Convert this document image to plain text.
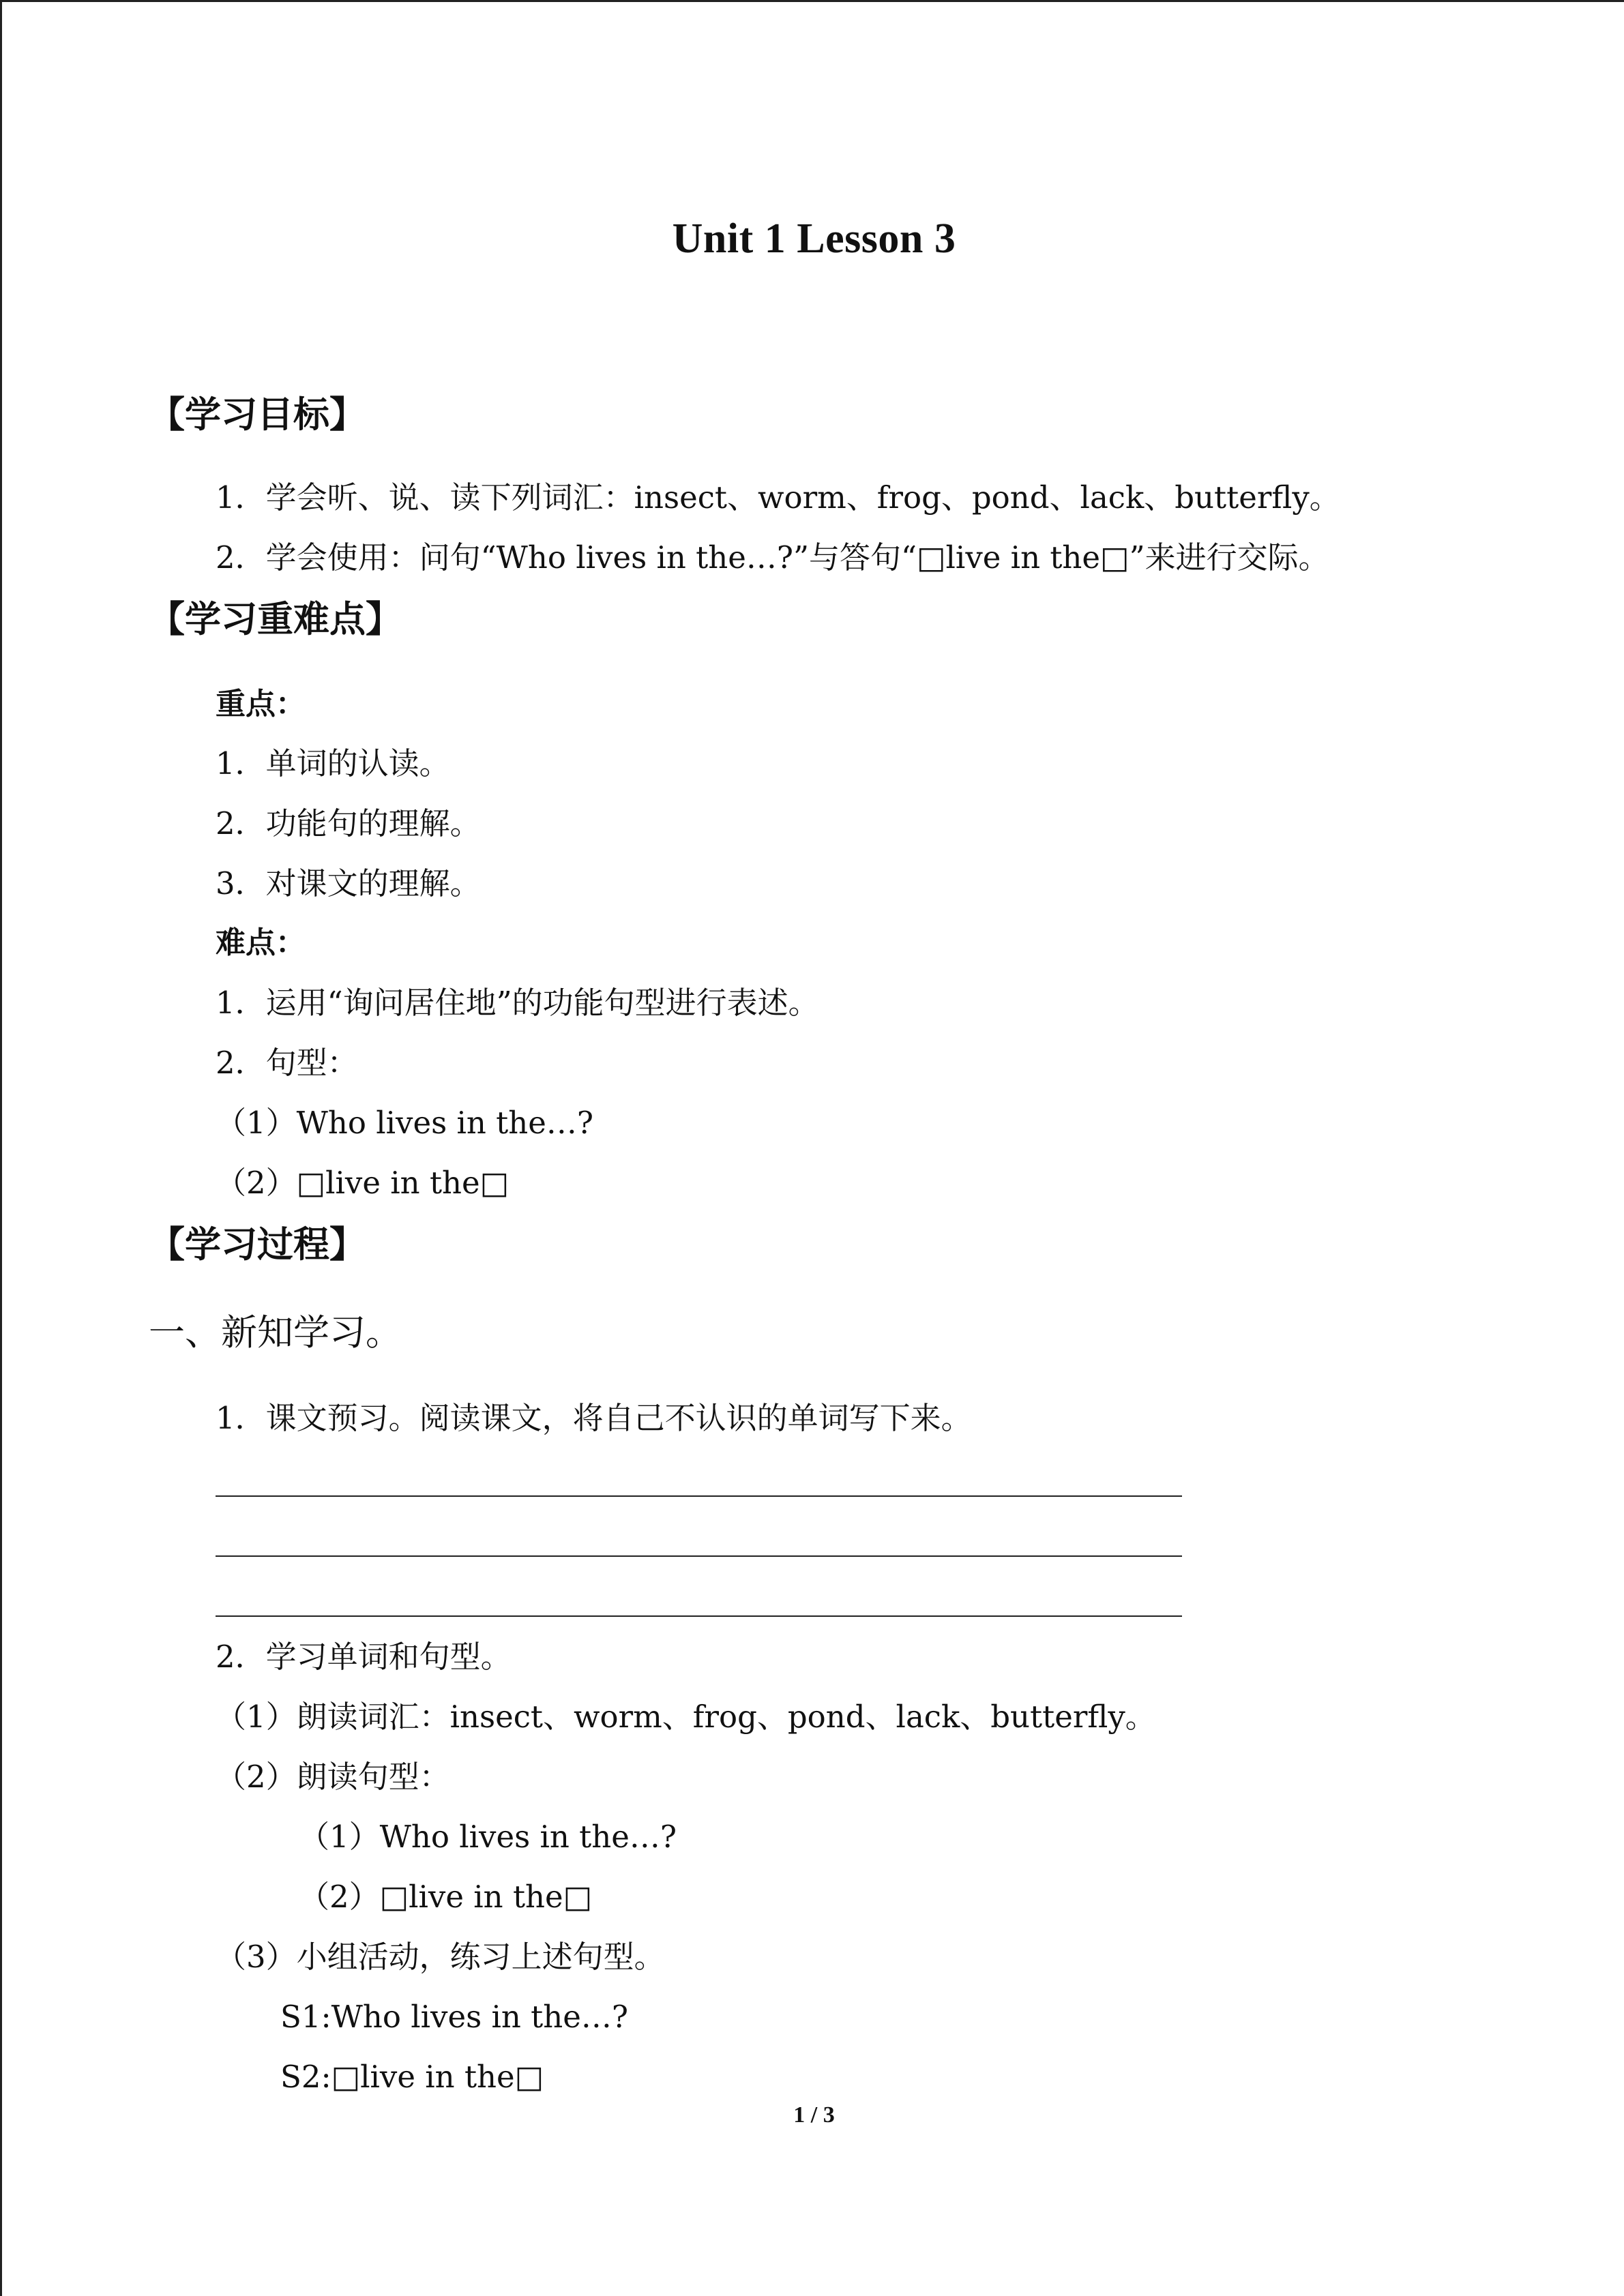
Unit 1 Lesson 3
【学习目标】
1．学会听、说、读下列词汇：insect、worm、frog、pond、lack、butterfly。
2．学会使用：问句“Who lives in the…?”与答句“□live in the□”来进行交际。
【学习重难点】
重点：
1．单词的认读。
2．功能句的理解。
3．对课文的理解。
难点：
1．运用“询问居住地”的功能句型进行表述。
2．句型：
（1）Who lives in the…?
（2）□live in the□
【学习过程】
一、新知学习。
1．课文预习。阅读课文，将自己不认识的单词写下来。
2．学习单词和句型。
（1）朗读词汇：insect、worm、frog、pond、lack、butterfly。
（2）朗读句型：
（1）Who lives in the…?
（2）□live in the□
（3）小组活动，练习上述句型。
S1:Who lives in the…?
S2:□live in the□
1 / 3
